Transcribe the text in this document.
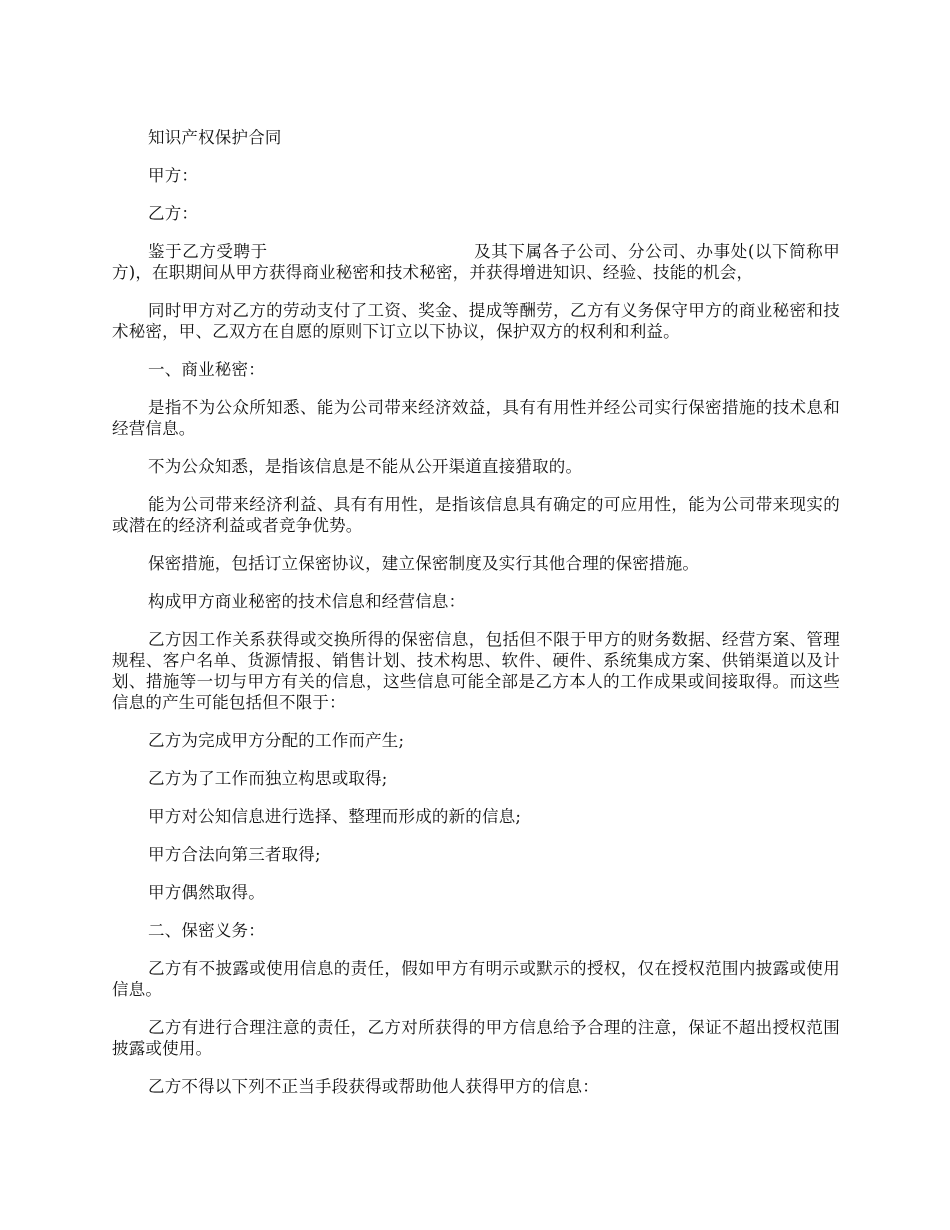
知识产权保护合同

甲方：

乙方：

鉴于乙方受聘于	及其下属各子公司、分公司、办事处(以下简称甲方)，在职期间从甲方获得商业秘密和技术秘密，并获得增进知识、经验、技能的机会，

同时甲方对乙方的劳动支付了工资、奖金、提成等酬劳，乙方有义务保守甲方的商业秘密和技术秘密，甲、乙双方在自愿的原则下订立以下协议，保护双方的权利和利益。

一、商业秘密：

是指不为公众所知悉、能为公司带来经济效益，具有有用性并经公司实行保密措施的技术息和经营信息。

不为公众知悉，是指该信息是不能从公开渠道直接猎取的。

能为公司带来经济利益、具有有用性，是指该信息具有确定的可应用性，能为公司带来现实的或潜在的经济利益或者竞争优势。

保密措施，包括订立保密协议，建立保密制度及实行其他合理的保密措施。

构成甲方商业秘密的技术信息和经营信息：

乙方因工作关系获得或交换所得的保密信息，包括但不限于甲方的财务数据、经营方案、管理规程、客户名单、货源情报、销售计划、技术构思、软件、硬件、系统集成方案、供销渠道以及计划、措施等一切与甲方有关的信息，这些信息可能全部是乙方本人的工作成果或间接取得。而这些信息的产生可能包括但不限于：

乙方为完成甲方分配的工作而产生;

乙方为了工作而独立构思或取得;

甲方对公知信息进行选择、整理而形成的新的信息;

甲方合法向第三者取得;

甲方偶然取得。

二、保密义务：

乙方有不披露或使用信息的责任，假如甲方有明示或默示的授权，仅在授权范围内披露或使用信息。

乙方有进行合理注意的责任，乙方对所获得的甲方信息给予合理的注意，保证不超出授权范围披露或使用。

乙方不得以下列不正当手段获得或帮助他人获得甲方的信息：
